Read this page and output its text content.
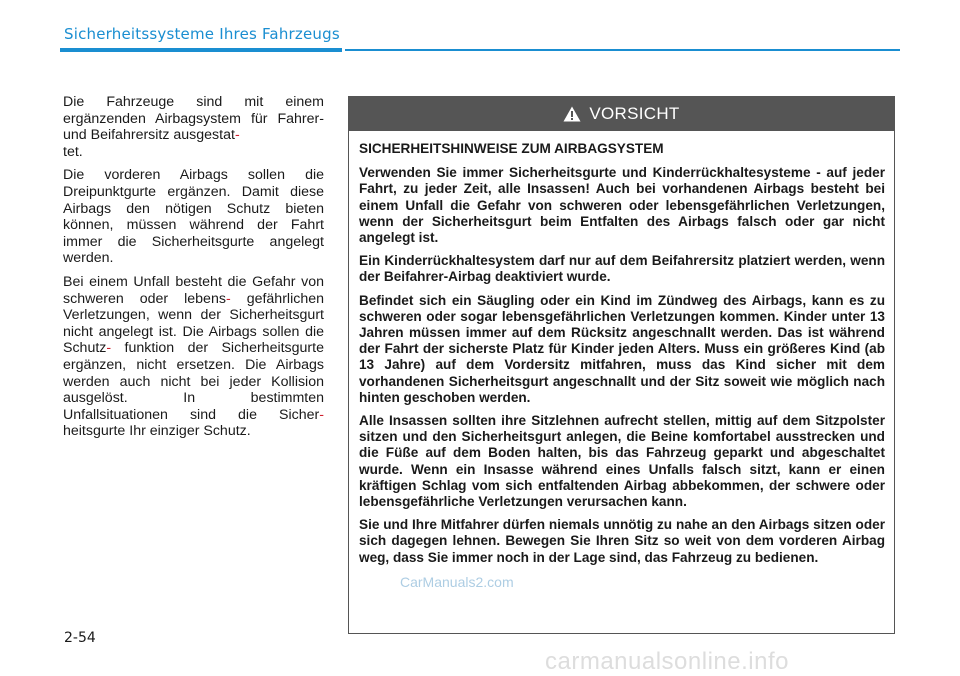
Sicherheitssysteme Ihres Fahrzeugs

Die Fahrzeuge sind mit einem ergänzenden Airbagsystem für Fahrer- und Beifahrersitz ausgestat-
tet.

Die vorderen Airbags sollen die Dreipunktgurte ergänzen. Damit diese Airbags den nötigen Schutz bieten können, müssen während der Fahrt immer die Sicherheitsgurte angelegt werden.

Bei einem Unfall besteht die Gefahr von schweren oder lebens- gefährlichen Verletzungen, wenn der Sicherheitsgurt nicht angelegt ist. Die Airbags sollen die Schutz- funktion der Sicherheitsgurte ergänzen, nicht ersetzen. Die Airbags werden auch nicht bei jeder Kollision ausgelöst. In bestimmten Unfallsituationen sind die Sicher- heitsgurte Ihr einziger Schutz.

VORSICHT

SICHERHEITSHINWEISE ZUM AIRBAGSYSTEM

Verwenden Sie immer Sicherheitsgurte und Kinderrückhaltesysteme - auf jeder Fahrt, zu jeder Zeit, alle Insassen! Auch bei vorhandenen Airbags besteht bei einem Unfall die Gefahr von schweren oder lebensgefährlichen Verletzungen, wenn der Sicherheitsgurt beim Entfalten des Airbags falsch oder gar nicht angelegt ist.

Ein Kinderrückhaltesystem darf nur auf dem Beifahrersitz platziert werden, wenn der Beifahrer-Airbag deaktiviert wurde.

Befindet sich ein Säugling oder ein Kind im Zündweg des Airbags, kann es zu schweren oder sogar lebensgefährlichen Verletzungen kommen. Kinder unter 13 Jahren müssen immer auf dem Rücksitz angeschnallt werden. Das ist während der Fahrt der sicherste Platz für Kinder jeden Alters. Muss ein größeres Kind (ab 13 Jahre) auf dem Vordersitz mitfahren, muss das Kind sicher mit dem vorhandenen Sicherheitsgurt angeschnallt und der Sitz soweit wie möglich nach hinten geschoben werden.

Alle Insassen sollten ihre Sitzlehnen aufrecht stellen, mittig auf dem Sitzpolster sitzen und den Sicherheitsgurt anlegen, die Beine komfortabel ausstrecken und die Füße auf dem Boden halten, bis das Fahrzeug geparkt und abgeschaltet wurde. Wenn ein Insasse während eines Unfalls falsch sitzt, kann er einen kräftigen Schlag vom sich entfaltenden Airbag abbekommen, der schwere oder lebensgefährliche Verletzungen verursachen kann.

Sie und Ihre Mitfahrer dürfen niemals unnötig zu nahe an den Airbags sitzen oder sich dagegen lehnen. Bewegen Sie Ihren Sitz so weit von dem vorderen Airbag weg, dass Sie immer noch in der Lage sind, das Fahrzeug zu bedienen.

CarManuals2.com
carmanualsonline.info
2-54
